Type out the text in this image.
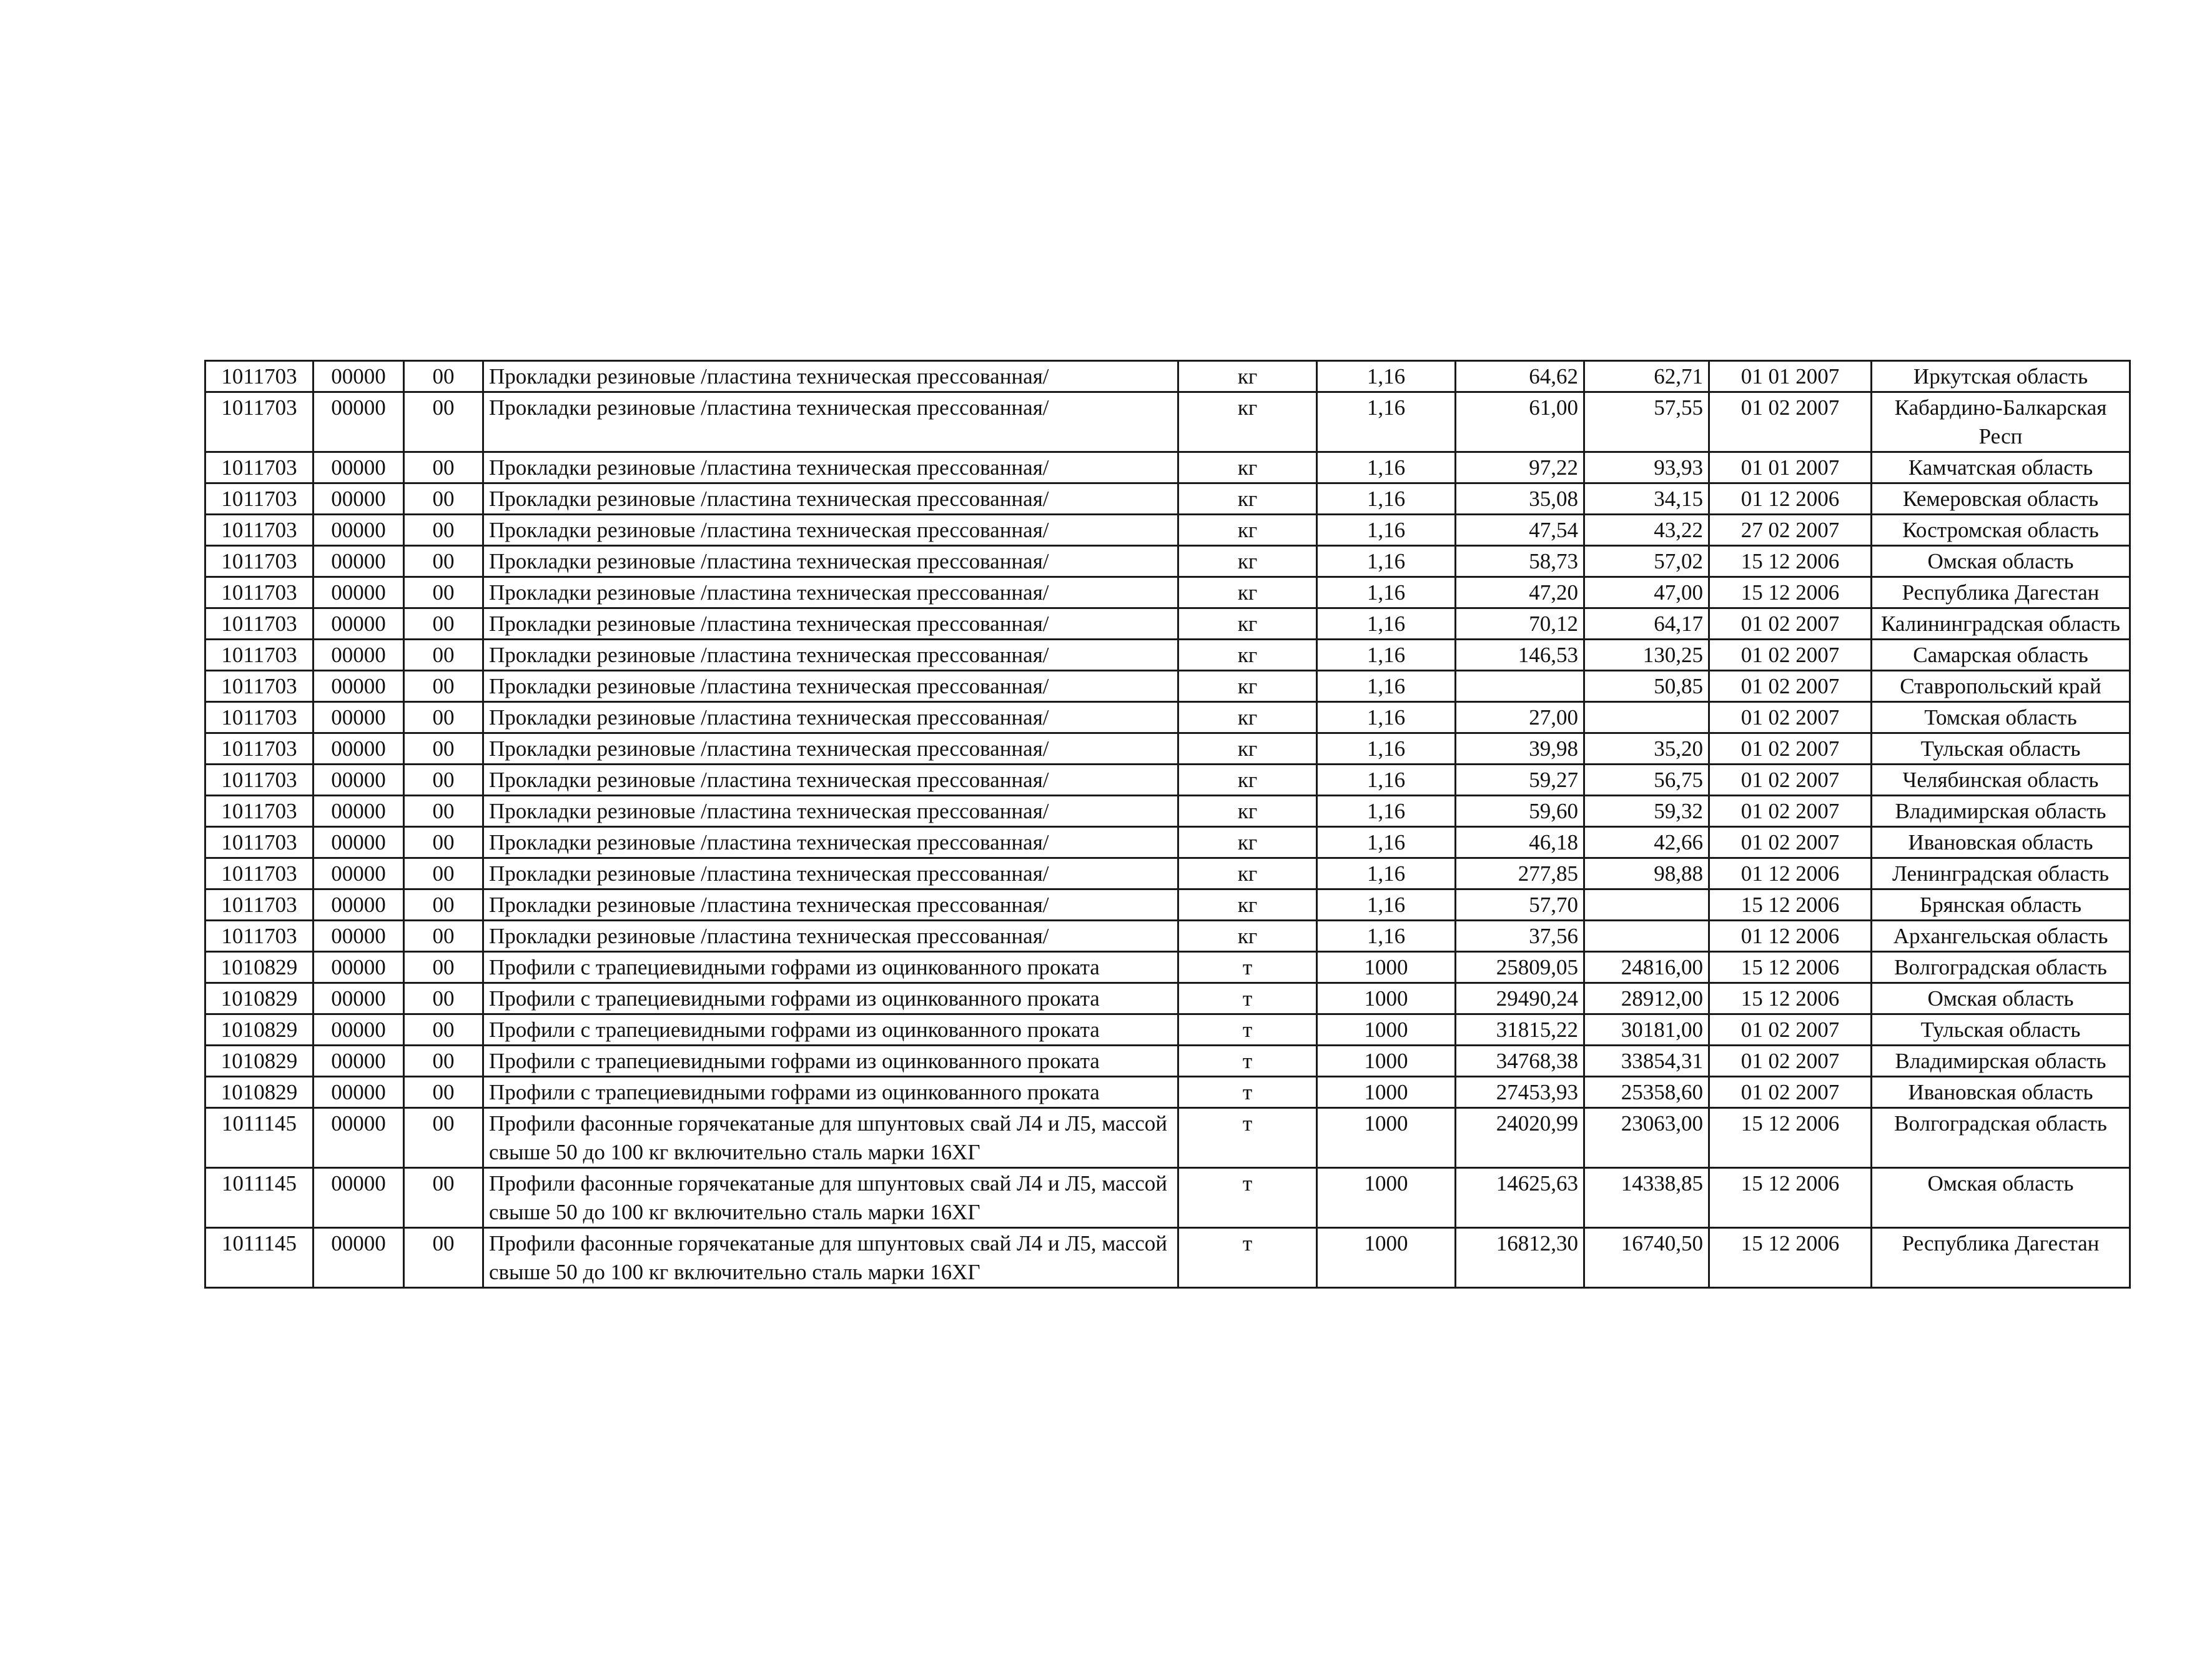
1011703	00000	00	Прокладки резиновые /пластина техническая прессованная/	кг	1,16	64,62	62,71	01 01 2007	Иркутская область
1011703	00000	00	Прокладки резиновые /пластина техническая прессованная/	кг	1,16	61,00	57,55	01 02 2007	Кабардино-Балкарская Респ
1011703	00000	00	Прокладки резиновые /пластина техническая прессованная/	кг	1,16	97,22	93,93	01 01 2007	Камчатская область
1011703	00000	00	Прокладки резиновые /пластина техническая прессованная/	кг	1,16	35,08	34,15	01 12 2006	Кемеровская область
1011703	00000	00	Прокладки резиновые /пластина техническая прессованная/	кг	1,16	47,54	43,22	27 02 2007	Костромская область
1011703	00000	00	Прокладки резиновые /пластина техническая прессованная/	кг	1,16	58,73	57,02	15 12 2006	Омская область
1011703	00000	00	Прокладки резиновые /пластина техническая прессованная/	кг	1,16	47,20	47,00	15 12 2006	Республика Дагестан
1011703	00000	00	Прокладки резиновые /пластина техническая прессованная/	кг	1,16	70,12	64,17	01 02 2007	Калининградская область
1011703	00000	00	Прокладки резиновые /пластина техническая прессованная/	кг	1,16	146,53	130,25	01 02 2007	Самарская область
1011703	00000	00	Прокладки резиновые /пластина техническая прессованная/	кг	1,16		50,85	01 02 2007	Ставропольский край
1011703	00000	00	Прокладки резиновые /пластина техническая прессованная/	кг	1,16	27,00		01 02 2007	Томская область
1011703	00000	00	Прокладки резиновые /пластина техническая прессованная/	кг	1,16	39,98	35,20	01 02 2007	Тульская область
1011703	00000	00	Прокладки резиновые /пластина техническая прессованная/	кг	1,16	59,27	56,75	01 02 2007	Челябинская область
1011703	00000	00	Прокладки резиновые /пластина техническая прессованная/	кг	1,16	59,60	59,32	01 02 2007	Владимирская область
1011703	00000	00	Прокладки резиновые /пластина техническая прессованная/	кг	1,16	46,18	42,66	01 02 2007	Ивановская область
1011703	00000	00	Прокладки резиновые /пластина техническая прессованная/	кг	1,16	277,85	98,88	01 12 2006	Ленинградская область
1011703	00000	00	Прокладки резиновые /пластина техническая прессованная/	кг	1,16	57,70		15 12 2006	Брянская область
1011703	00000	00	Прокладки резиновые /пластина техническая прессованная/	кг	1,16	37,56		01 12 2006	Архангельская область
1010829	00000	00	Профили с трапециевидными гофрами из оцинкованного проката	т	1000	25809,05	24816,00	15 12 2006	Волгоградская область
1010829	00000	00	Профили с трапециевидными гофрами из оцинкованного проката	т	1000	29490,24	28912,00	15 12 2006	Омская область
1010829	00000	00	Профили с трапециевидными гофрами из оцинкованного проката	т	1000	31815,22	30181,00	01 02 2007	Тульская область
1010829	00000	00	Профили с трапециевидными гофрами из оцинкованного проката	т	1000	34768,38	33854,31	01 02 2007	Владимирская область
1010829	00000	00	Профили с трапециевидными гофрами из оцинкованного проката	т	1000	27453,93	25358,60	01 02 2007	Ивановская область
1011145	00000	00	Профили фасонные горячекатаные для шпунтовых свай Л4 и Л5, массой свыше 50 до 100 кг включительно сталь марки 16ХГ	т	1000	24020,99	23063,00	15 12 2006	Волгоградская область
1011145	00000	00	Профили фасонные горячекатаные для шпунтовых свай Л4 и Л5, массой свыше 50 до 100 кг включительно сталь марки 16ХГ	т	1000	14625,63	14338,85	15 12 2006	Омская область
1011145	00000	00	Профили фасонные горячекатаные для шпунтовых свай Л4 и Л5, массой свыше 50 до 100 кг включительно сталь марки 16ХГ	т	1000	16812,30	16740,50	15 12 2006	Республика Дагестан
